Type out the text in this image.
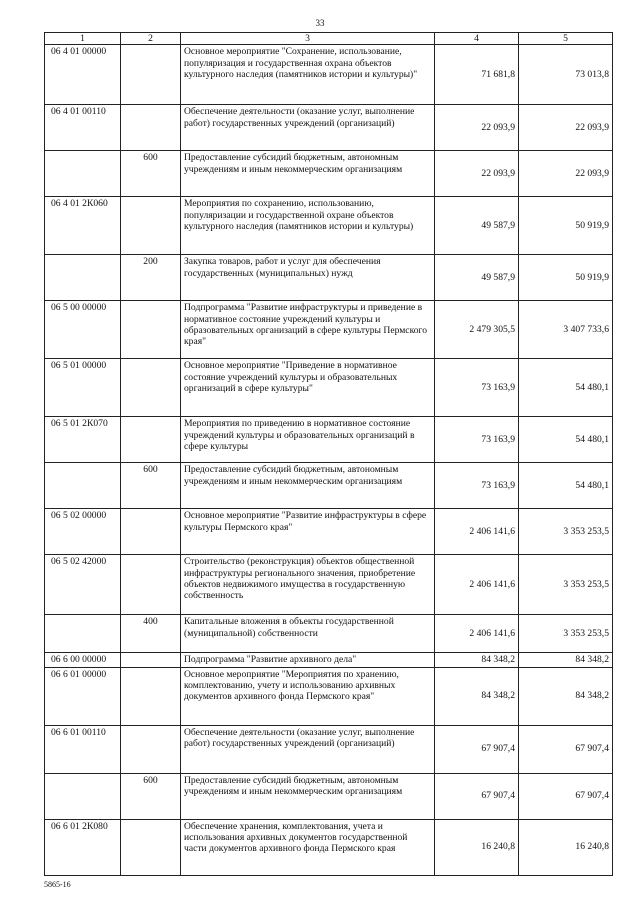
33
1	2	3	4	5
06 4 01 00000		Основное мероприятие "Сохранение, использование, популяризация и государственная охрана объектов культурного наследия (памятников истории и культуры)"	71 681,8	73 013,8
06 4 01 00110		Обеспечение деятельности (оказание услуг, выполнение работ) государственных учреждений (организаций)	22 093,9	22 093,9
	600	Предоставление субсидий бюджетным, автономным учреждениям и иным некоммерческим организациям	22 093,9	22 093,9
06 4 01 2К060		Мероприятия по сохранению, использованию, популяризации и государственной охране объектов культурного наследия (памятников истории и культуры)	49 587,9	50 919,9
	200	Закупка товаров, работ и услуг для обеспечения государственных (муниципальных) нужд	49 587,9	50 919,9
06 5 00 00000		Подпрограмма "Развитие инфраструктуры и приведение в нормативное состояние учреждений культуры и образовательных организаций в сфере культуры Пермского края"	2 479 305,5	3 407 733,6
06 5 01 00000		Основное мероприятие "Приведение в нормативное состояние учреждений культуры и образовательных организаций в сфере культуры"	73 163,9	54 480,1
06 5 01 2К070		Мероприятия по приведению в нормативное состояние учреждений культуры и образовательных организаций в сфере культуры	73 163,9	54 480,1
	600	Предоставление субсидий бюджетным, автономным учреждениям и иным некоммерческим организациям	73 163,9	54 480,1
06 5 02 00000		Основное мероприятие "Развитие инфраструктуры в сфере культуры Пермского края"	2 406 141,6	3 353 253,5
06 5 02 42000		Строительство (реконструкция) объектов общественной инфраструктуры регионального значения, приобретение объектов недвижимого имущества в государственную собственность	2 406 141,6	3 353 253,5
	400	Капитальные вложения в объекты государственной (муниципальной) собственности	2 406 141,6	3 353 253,5
06 6 00 00000		Подпрограмма "Развитие архивного дела"	84 348,2	84 348,2
06 6 01 00000		Основное мероприятие "Мероприятия по хранению, комплектованию, учету и использованию архивных документов архивного фонда Пермского края"	84 348,2	84 348,2
06 6 01 00110		Обеспечение деятельности (оказание услуг, выполнение работ) государственных учреждений (организаций)	67 907,4	67 907,4
	600	Предоставление субсидий бюджетным, автономным учреждениям и иным некоммерческим организациям	67 907,4	67 907,4
06 6 01 2К080		Обеспечение хранения, комплектования, учета и использования архивных документов государственной части документов архивного фонда Пермского края	16 240,8	16 240,8
5865-16
